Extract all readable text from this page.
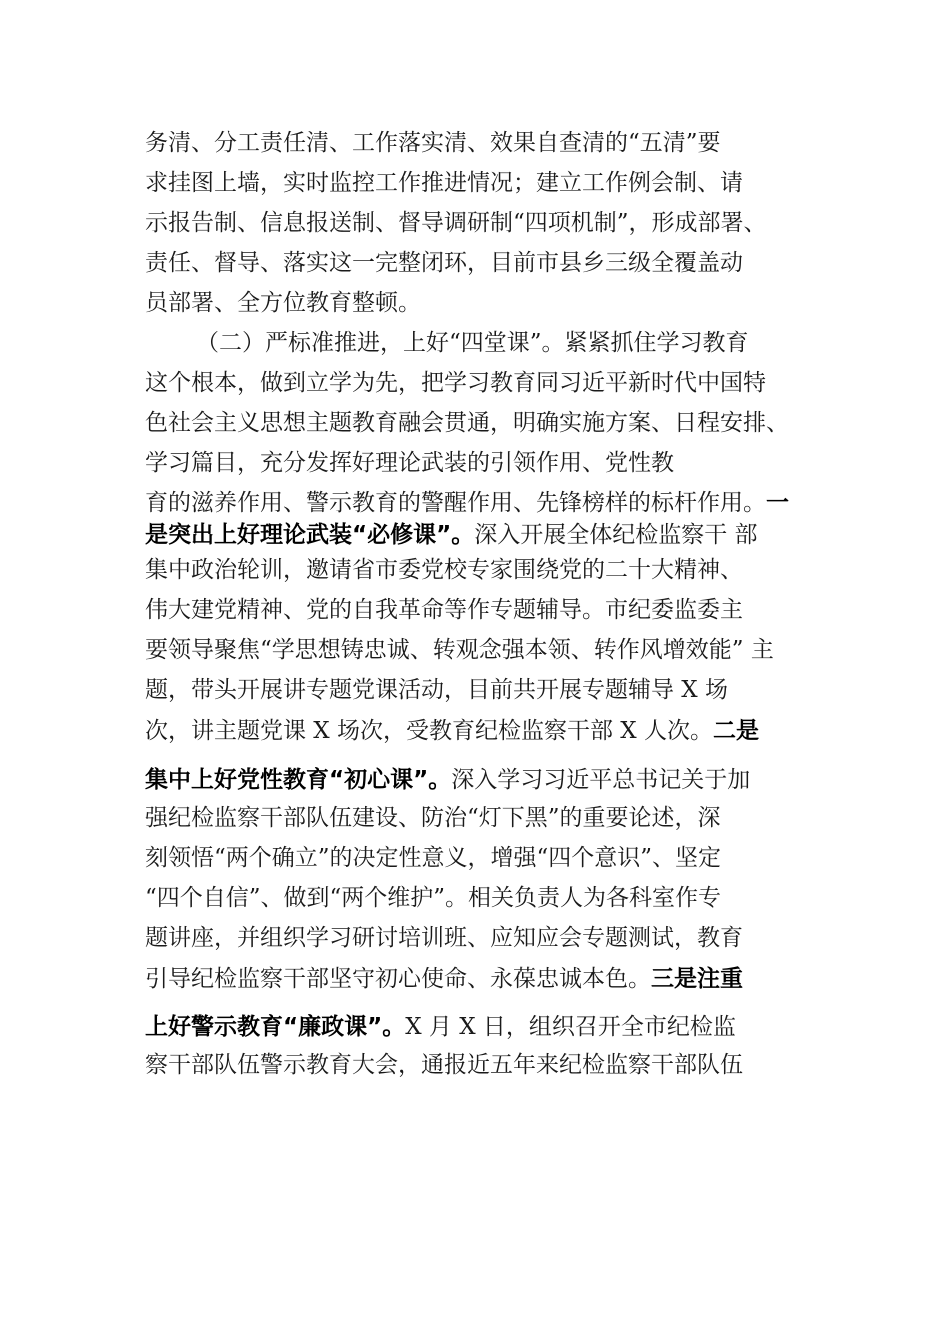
务清、分工责任清、工作落实清、效果自查清的“五清”要
求挂图上墙，实时监控工作推进情况；建立工作例会制、请
示报告制、信息报送制、督导调研制“四项机制”，形成部署、
责任、督导、落实这一完整闭环，目前市县乡三级全覆盖动
员部署、全方位教育整顿。
（二）严标准推进，上好“四堂课”。紧紧抓住学习教育
这个根本，做到立学为先，把学习教育同习近平新时代中国特
色社会主义思想主题教育融会贯通，明确实施方案、日程安排、
学习篇目，充分发挥好理论武装的引领作用、党性教
育的滋养作用、警示教育的警醒作用、先锋榜样的标杆作用。一
是突出上好理论武装“必修课”。深入开展全体纪检监察干 部
集中政治轮训，邀请省市委党校专家围绕党的二十大精神、
伟大建党精神、党的自我革命等作专题辅导。市纪委监委主
要领导聚焦“学思想铸忠诚、转观念强本领、转作风增效能” 主
题，带头开展讲专题党课活动，目前共开展专题辅导 X 场
次，讲主题党课 X 场次，受教育纪检监察干部 X 人次。二是
集中上好党性教育“初心课”。深入学习习近平总书记关于加
强纪检监察干部队伍建设、防治“灯下黑”的重要论述，深
刻领悟“两个确立”的决定性意义，增强“四个意识”、坚定
“四个自信”、做到“两个维护”。相关负责人为各科室作专
题讲座，并组织学习研讨培训班、应知应会专题测试，教育
引导纪检监察干部坚守初心使命、永葆忠诚本色。三是注重
上好警示教育“廉政课”。X 月 X 日，组织召开全市纪检监
察干部队伍警示教育大会，通报近五年来纪检监察干部队伍
